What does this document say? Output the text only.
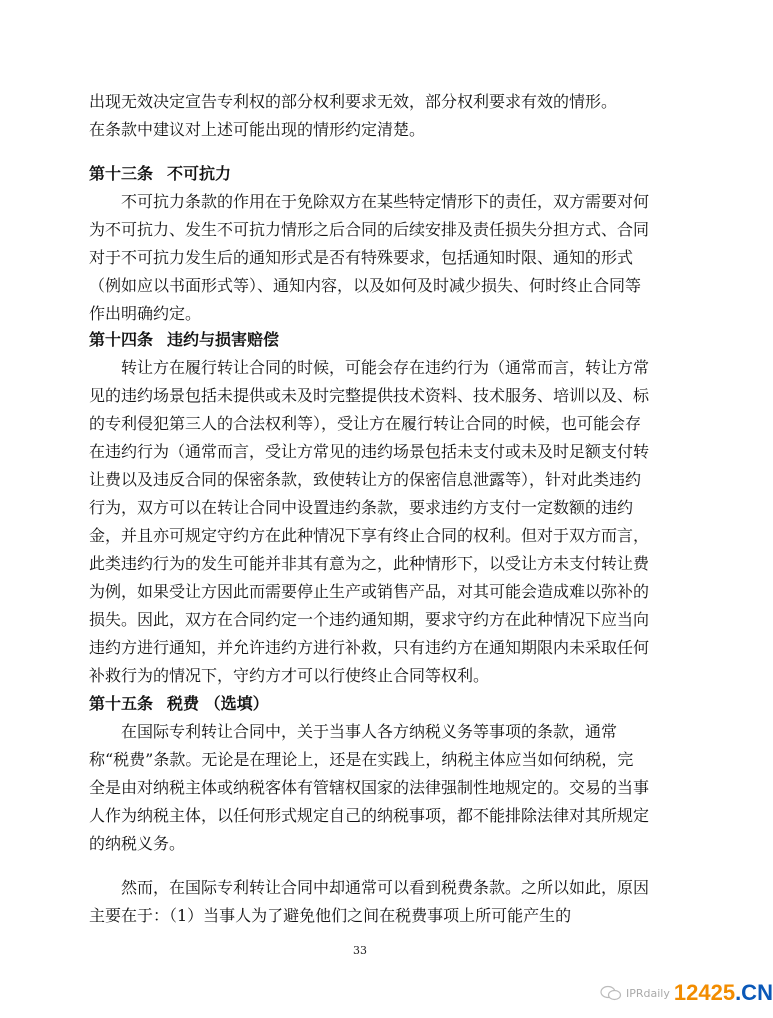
出现无效决定宣告专利权的部分权利要求无效，部分权利要求有效的情形。

在条款中建议对上述可能出现的情形约定清楚。

第十三条 不可抗力

不可抗力条款的作用在于免除双方在某些特定情形下的责任，双方需要对何为不可抗力、发生不可抗力情形之后合同的后续安排及责任损失分担方式、合同对于不可抗力发生后的通知形式是否有特殊要求，包括通知时限、通知的形式（例如应以书面形式等）、通知内容，以及如何及时减少损失、何时终止合同等作出明确约定。

第十四条 违约与损害赔偿

转让方在履行转让合同的时候，可能会存在违约行为（通常而言，转让方常见的违约场景包括未提供或未及时完整提供技术资料、技术服务、培训以及、标的专利侵犯第三人的合法权利等），受让方在履行转让合同的时候，也可能会存在违约行为（通常而言，受让方常见的违约场景包括未支付或未及时足额支付转让费以及违反合同的保密条款，致使转让方的保密信息泄露等），针对此类违约行为，双方可以在转让合同中设置违约条款，要求违约方支付一定数额的违约金，并且亦可规定守约方在此种情况下享有终止合同的权利。但对于双方而言，此类违约行为的发生可能并非其有意为之，此种情形下，以受让方未支付转让费为例，如果受让方因此而需要停止生产或销售产品，对其可能会造成难以弥补的损失。因此，双方在合同约定一个违约通知期，要求守约方在此种情况下应当向违约方进行通知，并允许违约方进行补救，只有违约方在通知期限内未采取任何补救行为的情况下，守约方才可以行使终止合同等权利。

第十五条 税费 （选填）

在国际专利转让合同中，关于当事人各方纳税义务等事项的条款，通常称“税费”条款。无论是在理论上，还是在实践上，纳税主体应当如何纳税，完全是由对纳税主体或纳税客体有管辖权国家的法律强制性地规定的。交易的当事人作为纳税主体，以任何形式规定自己的纳税事项，都不能排除法律对其所规定的纳税义务。

然而，在国际专利转让合同中却通常可以看到税费条款。之所以如此，原因主要在于：（1）当事人为了避免他们之间在税费事项上所可能产生的

33
IPRdaily 12425.CN
